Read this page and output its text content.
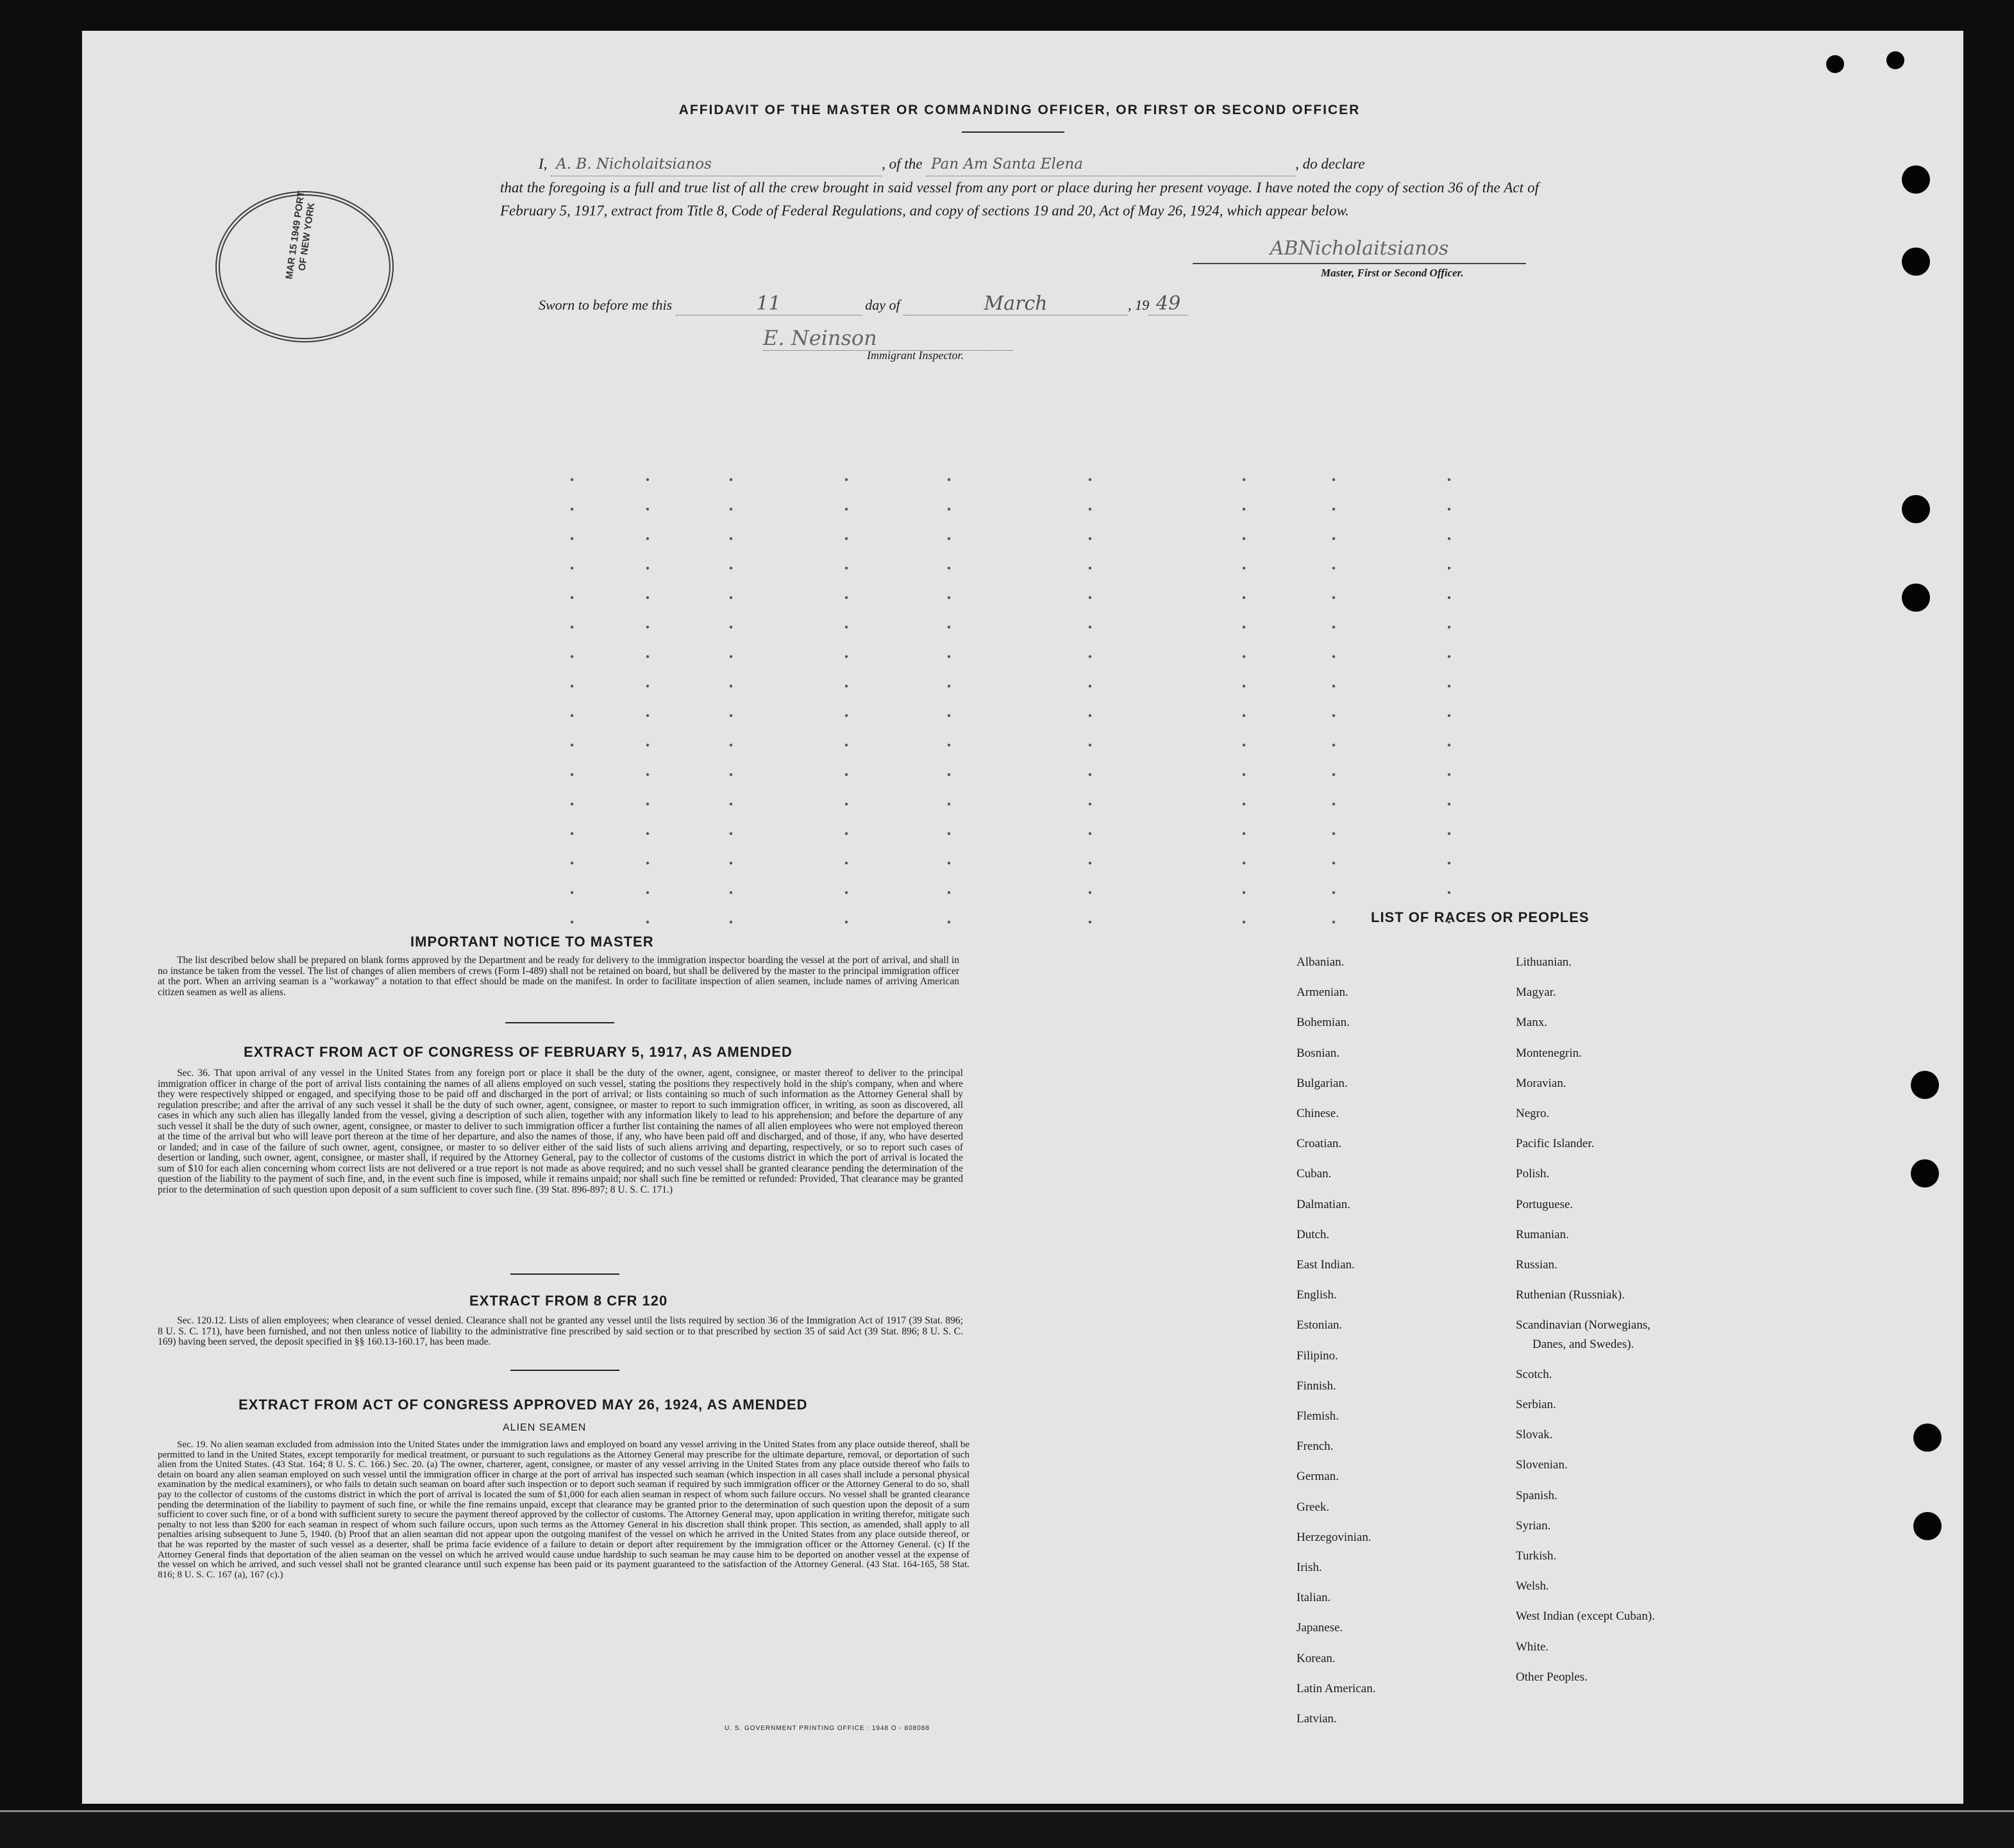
AFFIDAVIT OF THE MASTER OR COMMANDING OFFICER, OR FIRST OR SECOND OFFICER
I, A. B. Nicholaitsianos	, of the Pan Am Santa Elena	, do declare
that the foregoing is a full and true list of all the crew brought in said vessel from any port or place during her present voyage. I have noted the copy of section 36 of the Act of February 5, 1917, extract from Title 8, Code of Federal Regulations, and copy of sections 19 and 20, Act of May 26, 1924, which appear below.
MAR 15 1949 PORT OF NEW YORK	ABNicholaitsianos
Master, First or Second Officer.
Sworn to before me this	11	day of	March	, 19 49
E. Neinson
Immigrant Inspector.
IMPORTANT NOTICE TO MASTER
The list described below shall be prepared on blank forms approved by the Department and be ready for delivery to the immigration inspector boarding the vessel at the port of arrival, and shall in no instance be taken from the vessel. The list of changes of alien members of crews (Form I-489) shall not be retained on board, but shall be delivered by the master to the principal immigration officer at the port. When an arriving seaman is a "workaway" a notation to that effect should be made on the manifest. In order to facilitate inspection of alien seamen, include names of arriving American citizen seamen as well as aliens.
EXTRACT FROM ACT OF CONGRESS OF FEBRUARY 5, 1917, AS AMENDED
Sec. 36. That upon arrival of any vessel in the United States from any foreign port or place it shall be the duty of the owner, agent, consignee, or master thereof to deliver to the principal immigration officer in charge of the port of arrival lists containing the names of all aliens employed on such vessel, stating the positions they respectively hold in the ship's company, when and where they were respectively shipped or engaged, and specifying those to be paid off and discharged in the port of arrival; or lists containing so much of such information as the Attorney General shall by regulation prescribe; and after the arrival of any such vessel it shall be the duty of such owner, agent, consignee, or master to report to such immigration officer, in writing, as soon as discovered, all cases in which any such alien has illegally landed from the vessel, giving a description of such alien, together with any information likely to lead to his apprehension; and before the departure of any such vessel it shall be the duty of such owner, agent, consignee, or master to deliver to such immigration officer a further list containing the names of all alien employees who were not employed thereon at the time of the arrival but who will leave port thereon at the time of her departure, and also the names of those, if any, who have been paid off and discharged, and of those, if any, who have deserted or landed; and in case of the failure of such owner, agent, consignee, or master to so deliver either of the said lists of such aliens arriving and departing, respectively, or so to report such cases of desertion or landing, such owner, agent, consignee, or master shall, if required by the Attorney General, pay to the collector of customs of the customs district in which the port of arrival is located the sum of $10 for each alien concerning whom correct lists are not delivered or a true report is not made as above required; and no such vessel shall be granted clearance pending the determination of the question of the liability to the payment of such fine, and, in the event such fine is imposed, while it remains unpaid; nor shall such fine be remitted or refunded: Provided, That clearance may be granted prior to the determination of such question upon deposit of a sum sufficient to cover such fine. (39 Stat. 896-897; 8 U. S. C. 171.)
EXTRACT FROM 8 CFR 120
Sec. 120.12. Lists of alien employees; when clearance of vessel denied. Clearance shall not be granted any vessel until the lists required by section 36 of the Immigration Act of 1917 (39 Stat. 896; 8 U. S. C. 171), have been furnished, and not then unless notice of liability to the administrative fine prescribed by said section or to that prescribed by section 35 of said Act (39 Stat. 896; 8 U. S. C. 169) having been served, the deposit specified in §§ 160.13-160.17, has been made.
EXTRACT FROM ACT OF CONGRESS APPROVED MAY 26, 1924, AS AMENDED
ALIEN SEAMEN
Sec. 19. No alien seaman excluded from admission into the United States under the immigration laws and employed on board any vessel arriving in the United States from any place outside thereof, shall be permitted to land in the United States, except temporarily for medical treatment, or pursuant to such regulations as the Attorney General may prescribe for the ultimate departure, removal, or deportation of such alien from the United States. (43 Stat. 164; 8 U. S. C. 166.) Sec. 20. (a) The owner, charterer, agent, consignee, or master of any vessel arriving in the United States from any place outside thereof who fails to detain on board any alien seaman employed on such vessel until the immigration officer in charge at the port of arrival has inspected such seaman (which inspection in all cases shall include a personal physical examination by the medical examiners), or who fails to detain such seaman on board after such inspection or to deport such seaman if required by such immigration officer or the Attorney General to do so, shall pay to the collector of customs of the customs district in which the port of arrival is located the sum of $1,000 for each alien seaman in respect of whom such failure occurs. No vessel shall be granted clearance pending the determination of the liability to payment of such fine, or while the fine remains unpaid, except that clearance may be granted prior to the determination of such question upon the deposit of a sum sufficient to cover such fine, or of a bond with sufficient surety to secure the payment thereof approved by the collector of customs. The Attorney General may, upon application in writing therefor, mitigate such penalty to not less than $200 for each seaman in respect of whom such failure occurs, upon such terms as the Attorney General in his discretion shall think proper. This section, as amended, shall apply to all penalties arising subsequent to June 5, 1940. (b) Proof that an alien seaman did not appear upon the outgoing manifest of the vessel on which he arrived in the United States from any place outside thereof, or that he was reported by the master of such vessel as a deserter, shall be prima facie evidence of a failure to detain or deport after requirement by the immigration officer or the Attorney General. (c) If the Attorney General finds that deportation of the alien seaman on the vessel on which he arrived would cause undue hardship to such seaman he may cause him to be deported on another vessel at the expense of the vessel on which he arrived, and such vessel shall not be granted clearance until such expense has been paid or its payment guaranteed to the satisfaction of the Attorney General. (43 Stat. 164-165, 58 Stat. 816; 8 U. S. C. 167 (a), 167 (c).)
U. S. GOVERNMENT PRINTING OFFICE : 1948 O - 808088
LIST OF RACES OR PEOPLES
Albanian.
Armenian.
Bohemian.
Bosnian.
Bulgarian.
Chinese.
Croatian.
Cuban.
Dalmatian.
Dutch.
East Indian.
English.
Estonian.
Filipino.
Finnish.
Flemish.
French.
German.
Greek.
Herzegovinian.
Irish.
Italian.
Japanese.
Korean.
Latin American.
Latvian.
Lithuanian.
Magyar.
Manx.
Montenegrin.
Moravian.
Negro.
Pacific Islander.
Polish.
Portuguese.
Rumanian.
Russian.
Ruthenian (Russniak).
Scandinavian (Norwegians,
Danes, and Swedes).
Scotch.
Serbian.
Slovak.
Slovenian.
Spanish.
Syrian.
Turkish.
Welsh.
West Indian (except Cuban).
White.
Other Peoples.
